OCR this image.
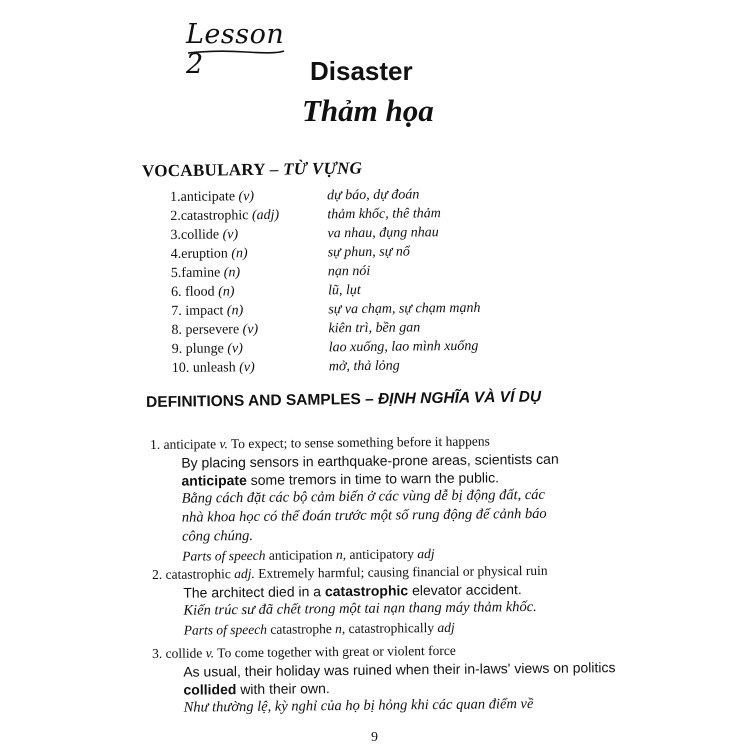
Lesson 2	Disaster
Thảm họa
VOCABULARY – TỪ VỰNG
1.anticipate (v)	dự báo, dự đoán
2.catastrophic (adj)	thảm khốc, thê thảm
3.collide (v)	va nhau, đụng nhau
4.eruption (n)	sự phun, sự nổ
5.famine (n)	nạn nói
6. flood (n)	lũ, lụt
7. impact (n)	sự va chạm, sự chạm mạnh
8. persevere (v)	kiên trì, bền gan
9. plunge (v)	lao xuống, lao mình xuống
10. unleash (v)	mở, thả lỏng
DEFINITIONS AND SAMPLES – ĐỊNH NGHĨA VÀ VÍ DỤ
1. anticipate v. To expect; to sense something before it happens
By placing sensors in earthquake-prone areas, scientists can
anticipate some tremors in time to warn the public.
Bằng cách đặt các bộ cảm biến ở các vùng dễ bị động đất, các
nhà khoa học có thể đoán trước một số rung động để cảnh báo
công chúng.
Parts of speech anticipation n, anticipatory adj
2. catastrophic adj. Extremely harmful; causing financial or physical ruin
The architect died in a catastrophic elevator accident.
Kiến trúc sư đã chết trong một tai nạn thang máy thảm khốc.
Parts of speech catastrophe n, catastrophically adj
3. collide v. To come together with great or violent force
As usual, their holiday was ruined when their in-laws' views on politics
collided with their own.
Như thường lệ, kỳ nghỉ của họ bị hỏng khi các quan điểm về
9
